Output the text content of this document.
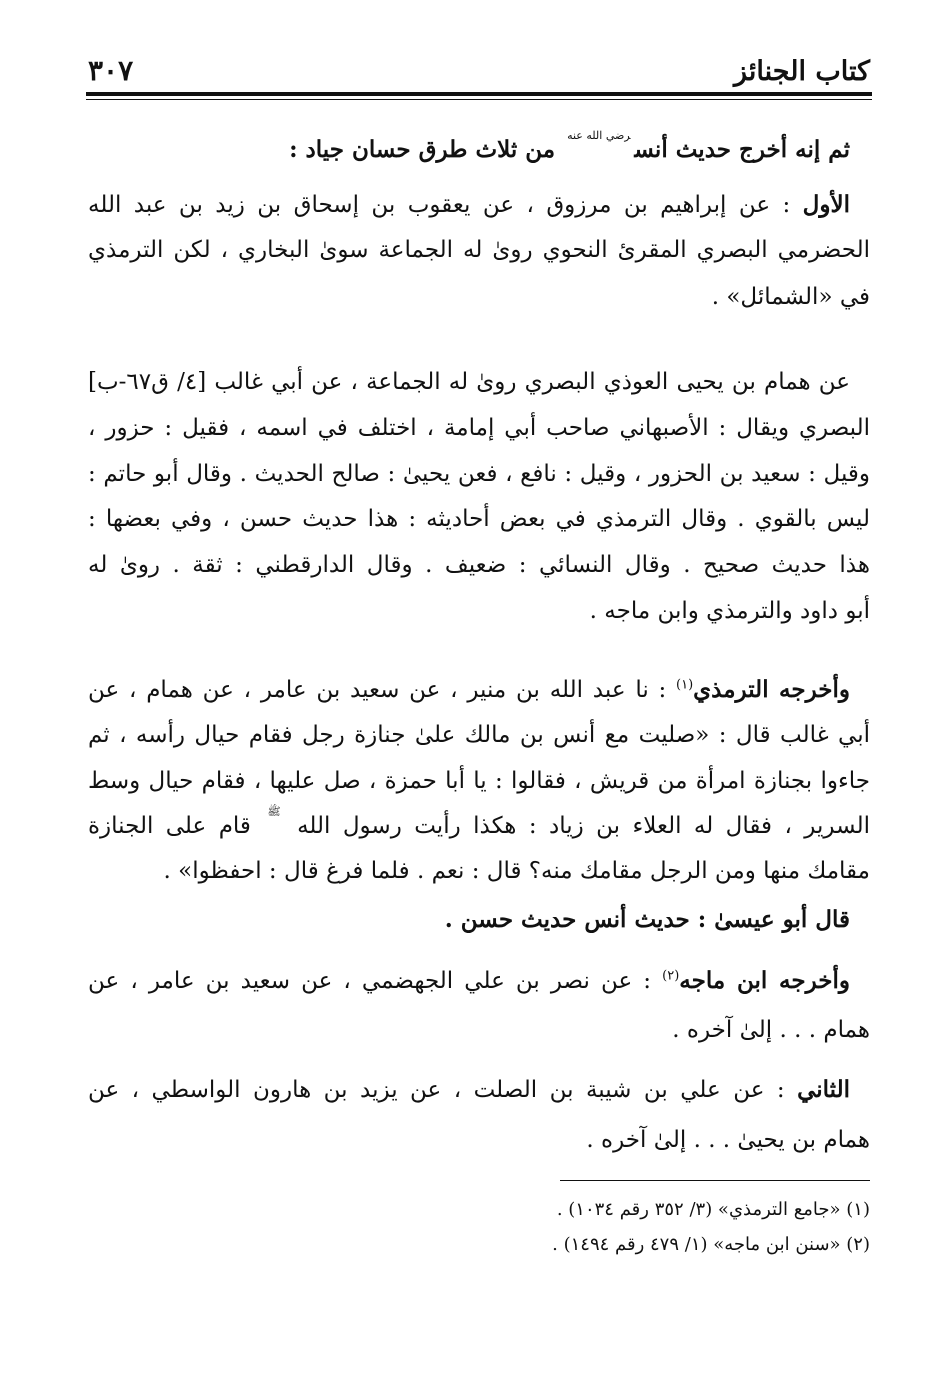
كتاب الجنائز
٣٠٧
ثم إنه أخرج حديث أنس$^{رضي الله عنه}$ من ثلاث طرق حسان جياد :
الأول : عن إبراهيم بن مرزوق ، عن يعقوب بن إسحاق بن زيد بن عبد الله
الحضرمي البصري المقرئ النحوي روىٰ له الجماعة سوىٰ البخاري ، لكن الترمذي
في «الشمائل» .
عن همام بن يحيى العوذي البصري روىٰ له الجماعة ، عن أبي غالب [٤/ ق٦٧-ب]
البصري ويقال : الأصبهاني صاحب أبي إمامة ، اختلف في اسمه ، فقيل : حزور ،
وقيل : سعيد بن الحزور ، وقيل : نافع ، فعن يحيىٰ : صالح الحديث . وقال أبو حاتم :
ليس بالقوي . وقال الترمذي في بعض أحاديثه : هذا حديث حسن ، وفي بعضها :
هذا حديث صحيح . وقال النسائي : ضعيف . وقال الدارقطني : ثقة . روىٰ له
أبو داود والترمذي وابن ماجه .
وأخرجه الترمذي$^{(١)}$ : نا عبد الله بن منير ، عن سعيد بن عامر ، عن همام ، عن
أبي غالب قال : «صليت مع أنس بن مالك علىٰ جنازة رجل فقام حيال رأسه ، ثم
جاءوا بجنازة امرأة من قريش ، فقالوا : يا أبا حمزة ، صل عليها ، فقام حيال وسط
السرير ، فقال له العلاء بن زياد : هكذا رأيت رسول الله $^ﷺ$ قام على الجنازة
مقامك منها ومن الرجل مقامك منه؟ قال : نعم . فلما فرغ قال : احفظوا» .
قال أبو عيسىٰ : حديث أنس حديث حسن .
وأخرجه ابن ماجه$^{(٢)}$ : عن نصر بن علي الجهضمي ، عن سعيد بن عامر ، عن
همام . . . إلىٰ آخره .
الثاني : عن علي بن شيبة بن الصلت ، عن يزيد بن هارون الواسطي ، عن
همام بن يحيىٰ . . . إلىٰ آخره .
(١) «جامع الترمذي» (٣/ ٣٥٢ رقم ١٠٣٤) .
(٢) «سنن ابن ماجه» (١/ ٤٧٩ رقم ١٤٩٤) .
